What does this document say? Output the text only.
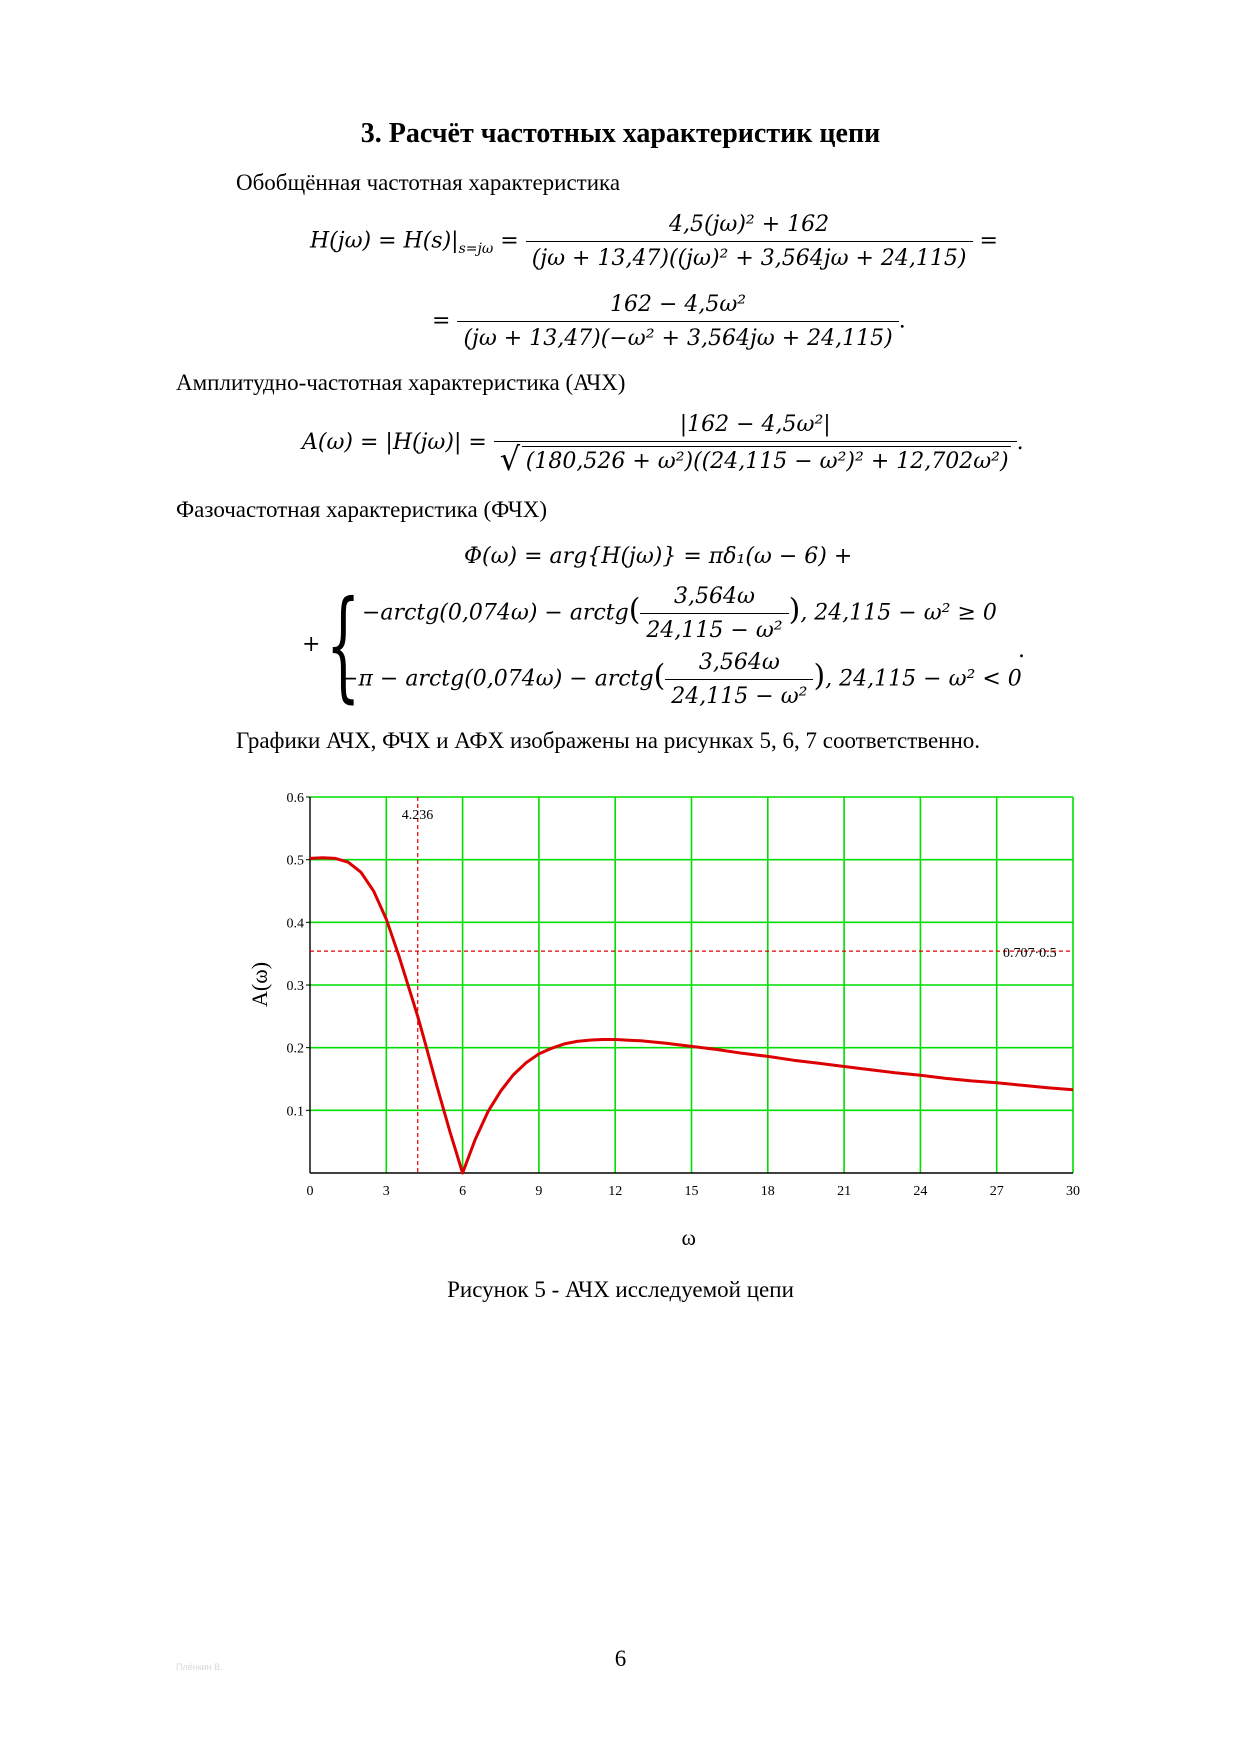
3. Расчёт частотных характеристик цепи
Обобщённая частотная характеристика
$H(j\omega) = H(s)|_{s=j\omega} = \frac{\text{4,5(jω)² + 162}}{\text{(jω + 13,47)((jω)² + 3,564jω + 24,115)}}$ =
= $\frac{\text{162 − 4,5ω²}}{\text{(jω + 13,47)(−ω² + 3,564jω + 24,115)}}$ .
Амплитудно-частотная характеристика (АЧХ)
$A(\omega) = |H(j\omega)| = \frac{\text{|162 − 4,5ω²|}}{\text{√ (180,526 + ω²)((24,115 − ω²)² + 12,702ω²)}}$ .
Фазочастотная характеристика (ФЧХ)
Φ(ω) = arg{H(jω)} = πδ₁(ω − 6) +
+ { −arctg(0,074ω) − arctg( $\frac{3,564\omega}{\text{24,115 − ω²}}$ ), 24,115 − ω² ≥ 0
−π − arctg(0,074ω) − arctg( $\frac{3,564\omega}{\text{24,115 − ω²}}$ ), 24,115 − ω² < 0
.
Графики АЧХ, ФЧХ и АФХ изображены на рисунках 5, 6, 7 соответственно.
0	3	6	9	12	15	18	21	24	27	30
0.1
0.2
0.3
0.4
0.5
0.6
4.236
0.707·0.5
A(ω)
ω
Рисунок 5 - АЧХ исследуемой цепи
6
Плёнкин В.
